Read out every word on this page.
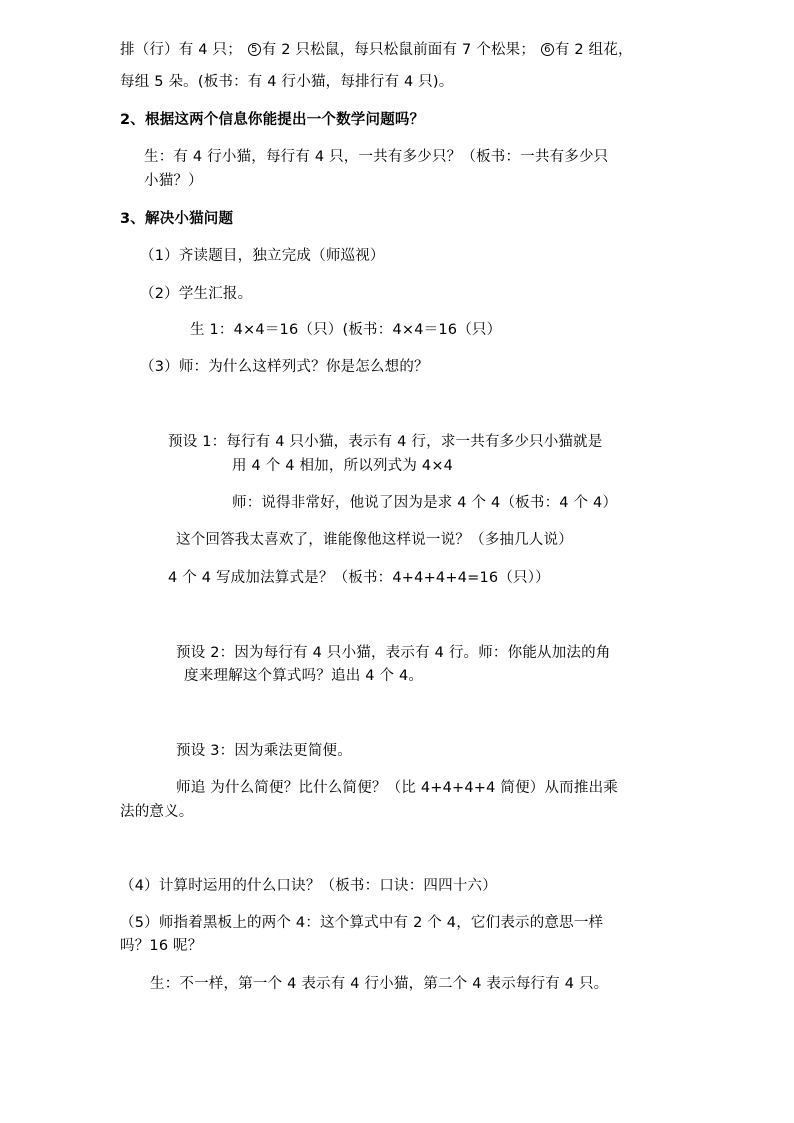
排（行）有 4 只； 5 有 2 只松鼠，每只松鼠前面有 7 个松果； 6 有 2 组花，
每组 5 朵。(板书：有 4 行小猫，每排行有 4 只)。
2、根据这两个信息你能提出一个数学问题吗？
生：有 4 行小猫，每行有 4 只，一共有多少只？（板书：一共有多少只
小猫？）
3、解决小猫问题
（1）齐读题目，独立完成（师巡视）
（2）学生汇报。
生 1：4×4＝16（只）(板书：4×4＝16（只）
（3）师：为什么这样列式？你是怎么想的？
预设 1：每行有 4 只小猫，表示有 4 行，求一共有多少只小猫就是
用 4 个 4 相加，所以列式为 4×4
师：说得非常好，他说了因为是求 4 个 4（板书：4 个 4）
这个回答我太喜欢了，谁能像他这样说一说？（多抽几人说）
4 个 4 写成加法算式是？（板书：4+4+4+4=16（只））
预设 2：因为每行有 4 只小猫，表示有 4 行。师：你能从加法的角
度来理解这个算式吗？追出 4 个 4。
预设 3：因为乘法更简便。
师追 为什么简便？比什么简便？（比 4+4+4+4 简便）从而推出乘
法的意义。
（4）计算时运用的什么口诀？（板书：口诀：四四十六）
（5）师指着黑板上的两个 4：这个算式中有 2 个 4，它们表示的意思一样
吗？16 呢？
生：不一样，第一个 4 表示有 4 行小猫，第二个 4 表示每行有 4 只。
